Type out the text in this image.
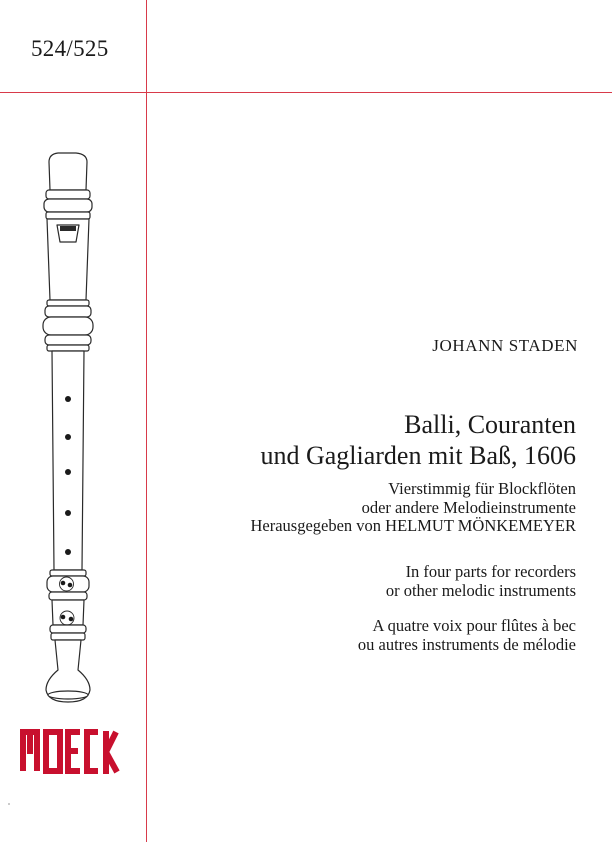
524/525
JOHANN STADEN
Balli, Couranten
und Gagliarden mit Baß, 1606
Vierstimmig für Blockflöten
oder andere Melodieinstrumente
Herausgegeben von HELMUT MÖNKEMEYER
In four parts for recorders
or other melodic instruments
A quatre voix pour flûtes à bec
ou autres instruments de mélodie
